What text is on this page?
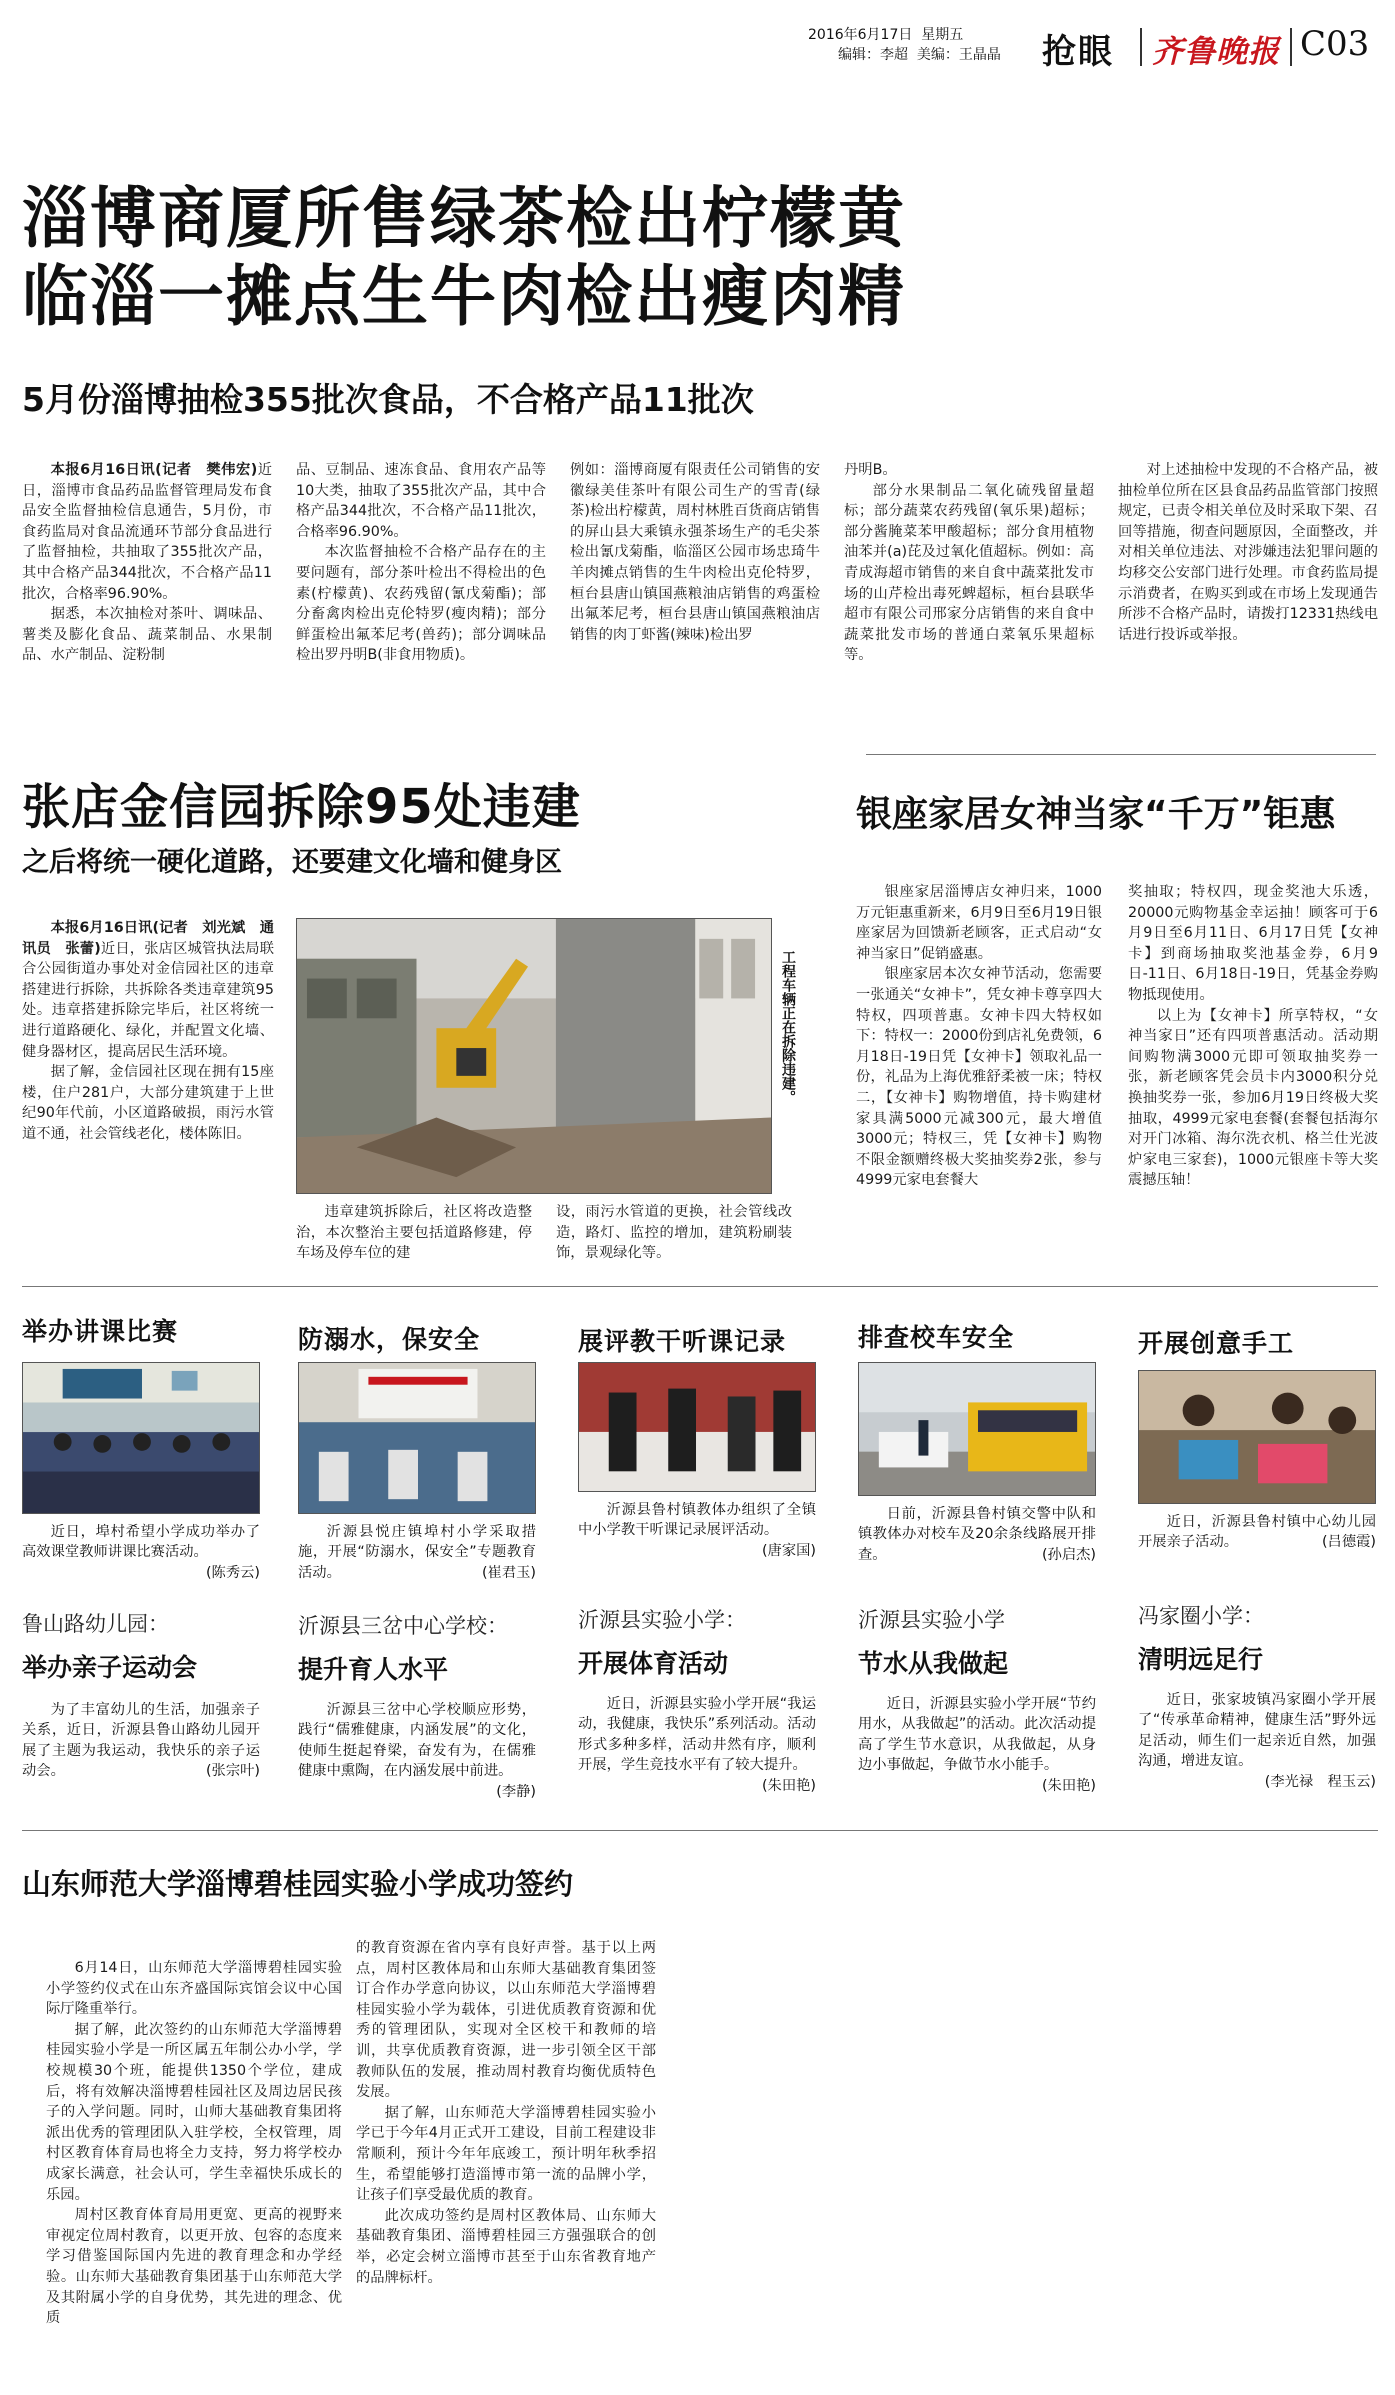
2016年6月17日 星期五
编辑：李超 美编：王晶晶 抢眼 齐鲁晚报 C03
淄博商厦所售绿茶检出柠檬黄
临淄一摊点生牛肉检出瘦肉精
5月份淄博抽检355批次食品，不合格产品11批次

本报6月16日讯(记者　樊伟宏)近日，淄博市食品药品监督管理局发布食品安全监督抽检信息通告，5月份，市食药监局对食品流通环节部分食品进行了监督抽检，共抽取了355批次产品，其中合格产品344批次，不合格产品11批次，合格率96.90%。

据悉，本次抽检对茶叶、调味品、薯类及膨化食品、蔬菜制品、水果制品、水产制品、淀粉制

品、豆制品、速冻食品、食用农产品等10大类，抽取了355批次产品，其中合格产品344批次，不合格产品11批次，合格率96.90%。

本次监督抽检不合格产品存在的主要问题有，部分茶叶检出不得检出的色素(柠檬黄)、农药残留(氰戊菊酯)；部分畜禽肉检出克伦特罗(瘦肉精)；部分鲜蛋检出氟苯尼考(兽药)；部分调味品检出罗丹明B(非食用物质)。

例如：淄博商厦有限责任公司销售的安徽绿美佳茶叶有限公司生产的雪青(绿茶)检出柠檬黄，周村林胜百货商店销售的屏山县大乘镇永强茶场生产的毛尖茶检出氰戊菊酯，临淄区公园市场忠琦牛羊肉摊点销售的生牛肉检出克伦特罗，桓台县唐山镇国燕粮油店销售的鸡蛋检出氟苯尼考，桓台县唐山镇国燕粮油店销售的肉丁虾酱(辣味)检出罗

丹明B。

部分水果制品二氧化硫残留量超标；部分蔬菜农药残留(氧乐果)超标；部分酱腌菜苯甲酸超标；部分食用植物油苯并(a)芘及过氧化值超标。例如：高青成海超市销售的来自食中蔬菜批发市场的山芹检出毒死蜱超标，桓台县联华超市有限公司邢家分店销售的来自食中蔬菜批发市场的普通白菜氧乐果超标等。

对上述抽检中发现的不合格产品，被抽检单位所在区县食品药品监管部门按照规定，已责令相关单位及时采取下架、召回等措施，彻查问题原因，全面整改，并对相关单位违法、对涉嫌违法犯罪问题的均移交公安部门进行处理。市食药监局提示消费者，在购买到或在市场上发现通告所涉不合格产品时，请拨打12331热线电话进行投诉或举报。

张店金信园拆除95处违建
之后将统一硬化道路，还要建文化墙和健身区

本报6月16日讯(记者　刘光斌　通讯员　张蕾)近日，张店区城管执法局联合公园街道办事处对金信园社区的违章搭建进行拆除，共拆除各类违章建筑95处。违章搭建拆除完毕后，社区将统一进行道路硬化、绿化，并配置文化墙、健身器材区，提高居民生活环境。

据了解，金信园社区现在拥有15座楼，住户281户，大部分建筑建于上世纪90年代前，小区道路破损，雨污水管道不通，社会管线老化，楼体陈旧。

工程车辆正在拆除违建。

违章建筑拆除后，社区将改造整治，本次整治主要包括道路修建，停车场及停车位的建

设，雨污水管道的更换，社会管线改造，路灯、监控的增加，建筑粉刷装饰，景观绿化等。

银座家居女神当家“千万”钜惠

银座家居淄博店女神归来，1000万元钜惠重新来，6月9日至6月19日银座家居为回馈新老顾客，正式启动“女神当家日”促销盛惠。

银座家居本次女神节活动，您需要一张通关“女神卡”，凭女神卡尊享四大特权，四项普惠。女神卡四大特权如下：特权一：2000份到店礼免费领，6月18日-19日凭【女神卡】领取礼品一份，礼品为上海优雅舒柔被一床；特权二，【女神卡】购物增值，持卡购建材家具满5000元减300元，最大增值3000元；特权三，凭【女神卡】购物不限金额赠终极大奖抽奖券2张，参与4999元家电套餐大

奖抽取；特权四，现金奖池大乐透，20000元购物基金幸运抽！顾客可于6月9日至6月11日、6月17日凭【女神卡】到商场抽取奖池基金券，6月9日-11日、6月18日-19日，凭基金券购物抵现使用。

以上为【女神卡】所享特权，“女神当家日”还有四项普惠活动。活动期间购物满3000元即可领取抽奖券一张，新老顾客凭会员卡内3000积分兑换抽奖券一张，参加6月19日终极大奖抽取，4999元家电套餐(套餐包括海尔对开门冰箱、海尔洗衣机、格兰仕光波炉家电三家套)，1000元银座卡等大奖震撼压轴！

举办讲课比赛	防溺水，保安全	展评教干听课记录	排查校车安全	开展创意手工

近日，埠村希望小学成功举办了高效课堂教师讲课比赛活动。
(陈秀云)

沂源县悦庄镇埠村小学采取措施，开展“防溺水，保安全”专题教育活动。	(崔君玉)

沂源县鲁村镇教体办组织了全镇中小学教干听课记录展评活动。
(唐家国)

日前，沂源县鲁村镇交警中队和镇教体办对校车及20余条线路展开排查。	(孙启杰)

近日，沂源县鲁村镇中心幼儿园开展亲子活动。	(吕德霞)

鲁山路幼儿园：
举办亲子运动会

为了丰富幼儿的生活，加强亲子关系，近日，沂源县鲁山路幼儿园开展了主题为我运动，我快乐的亲子运动会。	(张宗叶)

沂源县三岔中心学校：
提升育人水平

沂源县三岔中心学校顺应形势，践行“儒雅健康，内涵发展”的文化，使师生挺起脊梁，奋发有为，在儒雅健康中熏陶，在内涵发展中前进。
(李静)

沂源县实验小学：
开展体育活动

近日，沂源县实验小学开展“我运动，我健康，我快乐”系列活动。活动形式多种多样，活动井然有序，顺利开展，学生竞技水平有了较大提升。
(朱田艳)

沂源县实验小学
节水从我做起

近日，沂源县实验小学开展“节约用水，从我做起”的活动。此次活动提高了学生节水意识，从我做起，从身边小事做起，争做节水小能手。
(朱田艳)

冯家圈小学：
清明远足行

近日，张家坡镇冯家圈小学开展了“传承革命精神，健康生活”野外远足活动，师生们一起亲近自然，加强沟通，增进友谊。
(李光禄　程玉云)

山东师范大学淄博碧桂园实验小学成功签约

6月14日，山东师范大学淄博碧桂园实验小学签约仪式在山东齐盛国际宾馆会议中心国际厅隆重举行。

据了解，此次签约的山东师范大学淄博碧桂园实验小学是一所区属五年制公办小学，学校规模30个班，能提供1350个学位，建成后，将有效解决淄博碧桂园社区及周边居民孩子的入学问题。同时，山师大基础教育集团将派出优秀的管理团队入驻学校，全权管理，周村区教育体育局也将全力支持，努力将学校办成家长满意，社会认可，学生幸福快乐成长的乐园。

周村区教育体育局用更宽、更高的视野来审视定位周村教育，以更开放、包容的态度来学习借鉴国际国内先进的教育理念和办学经验。山东师大基础教育集团基于山东师范大学及其附属小学的自身优势，其先进的理念、优质

的教育资源在省内享有良好声誉。基于以上两点，周村区教体局和山东师大基础教育集团签订合作办学意向协议，以山东师范大学淄博碧桂园实验小学为载体，引进优质教育资源和优秀的管理团队，实现对全区校干和教师的培训，共享优质教育资源，进一步引领全区干部教师队伍的发展，推动周村教育均衡优质特色发展。

据了解，山东师范大学淄博碧桂园实验小学已于今年4月正式开工建设，目前工程建设非常顺利，预计今年年底竣工，预计明年秋季招生，希望能够打造淄博市第一流的品牌小学，让孩子们享受最优质的教育。

此次成功签约是周村区教体局、山东师大基础教育集团、淄博碧桂园三方强强联合的创举，必定会树立淄博市甚至于山东省教育地产的品牌标杆。
